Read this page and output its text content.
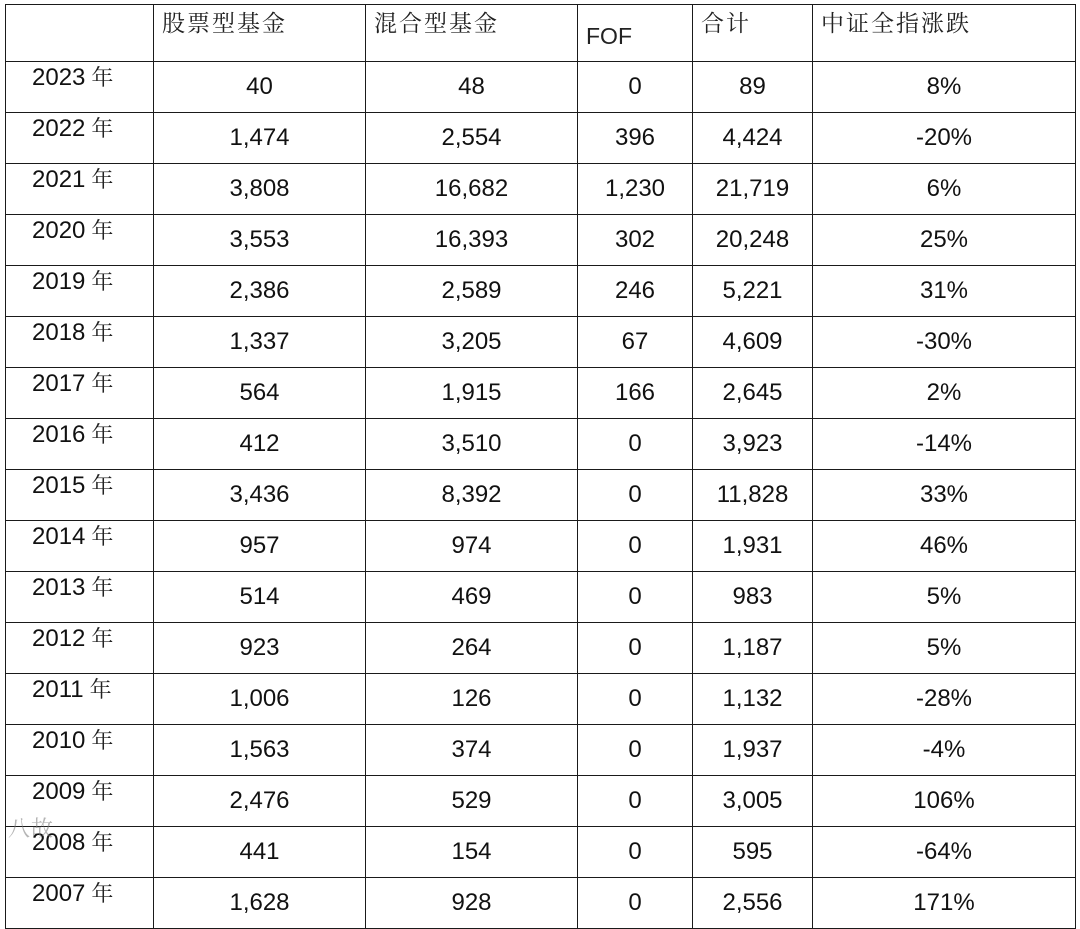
	股票型基金	混合型基金	FOF	合计	中证全指涨跌
2023 年	40	48	0	89	8%
2022 年	1,474	2,554	396	4,424	-20%
2021 年	3,808	16,682	1,230	21,719	6%
2020 年	3,553	16,393	302	20,248	25%
2019 年	2,386	2,589	246	5,221	31%
2018 年	1,337	3,205	67	4,609	-30%
2017 年	564	1,915	166	2,645	2%
2016 年	412	3,510	0	3,923	-14%
2015 年	3,436	8,392	0	11,828	33%
2014 年	957	974	0	1,931	46%
2013 年	514	469	0	983	5%
2012 年	923	264	0	1,187	5%
2011 年	1,006	126	0	1,132	-28%
2010 年	1,563	374	0	1,937	-4%
2009 年	2,476	529	0	3,005	106%
2008 年	441	154	0	595	-64%
2007 年	1,628	928	0	2,556	171%
八故
